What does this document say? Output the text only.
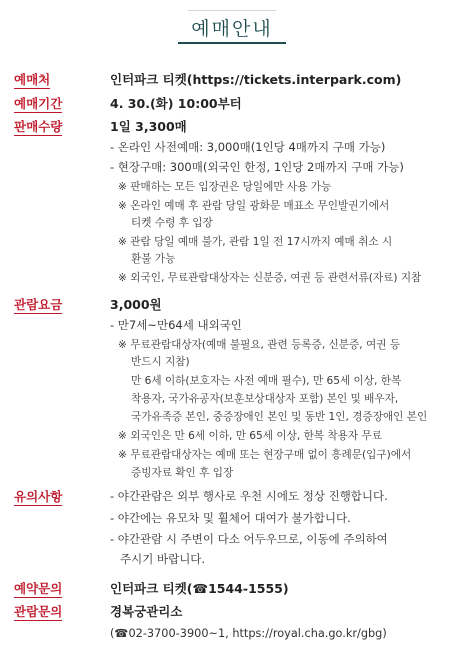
예매안내
예매처	인터파크 티켓(https://tickets.interpark.com)
예매기간	4. 30.(화) 10:00부터
판매수량	1일 3,300매
- 온라인 사전예매: 3,000매(1인당 4매까지 구매 가능)
- 현장구매: 300매(외국인 한정, 1인당 2매까지 구매 가능)
※ 판매하는 모든 입장권은 당일에만 사용 가능
※ 온라인 예매 후 관람 당일 광화문 매표소 무인발권기에서
티켓 수령 후 입장
※ 관람 당일 예매 불가, 관람 1일 전 17시까지 예매 취소 시
환불 가능
※ 외국인, 무료관람대상자는 신분증, 여권 등 관련서류(자료) 지참
관람요금	3,000원
- 만7세~만64세 내외국인
※ 무료관람대상자(예매 불필요, 관련 등록증, 신분증, 여권 등
반드시 지참)
만 6세 이하(보호자는 사전 예매 필수), 만 65세 이상, 한복
착용자, 국가유공자(보훈보상대상자 포함) 본인 및 배우자,
국가유족증 본인, 중증장애인 본인 및 동반 1인, 경증장애인 본인
※ 외국인은 만 6세 이하, 만 65세 이상, 한복 착용자 무료
※ 무료관람대상자는 예매 또는 현장구매 없이 흥례문(입구)에서
증빙자료 확인 후 입장
유의사항	- 야간관람은 외부 행사로 우천 시에도 정상 진행합니다.
- 야간에는 유모차 및 휠체어 대여가 불가합니다.
- 야간관람 시 주변이 다소 어두우므로, 이동에 주의하여
주시기 바랍니다.
예약문의	인터파크 티켓(☎1544-1555)
관람문의	경복궁관리소
(☎02-3700-3900~1, https://royal.cha.go.kr/gbg)
